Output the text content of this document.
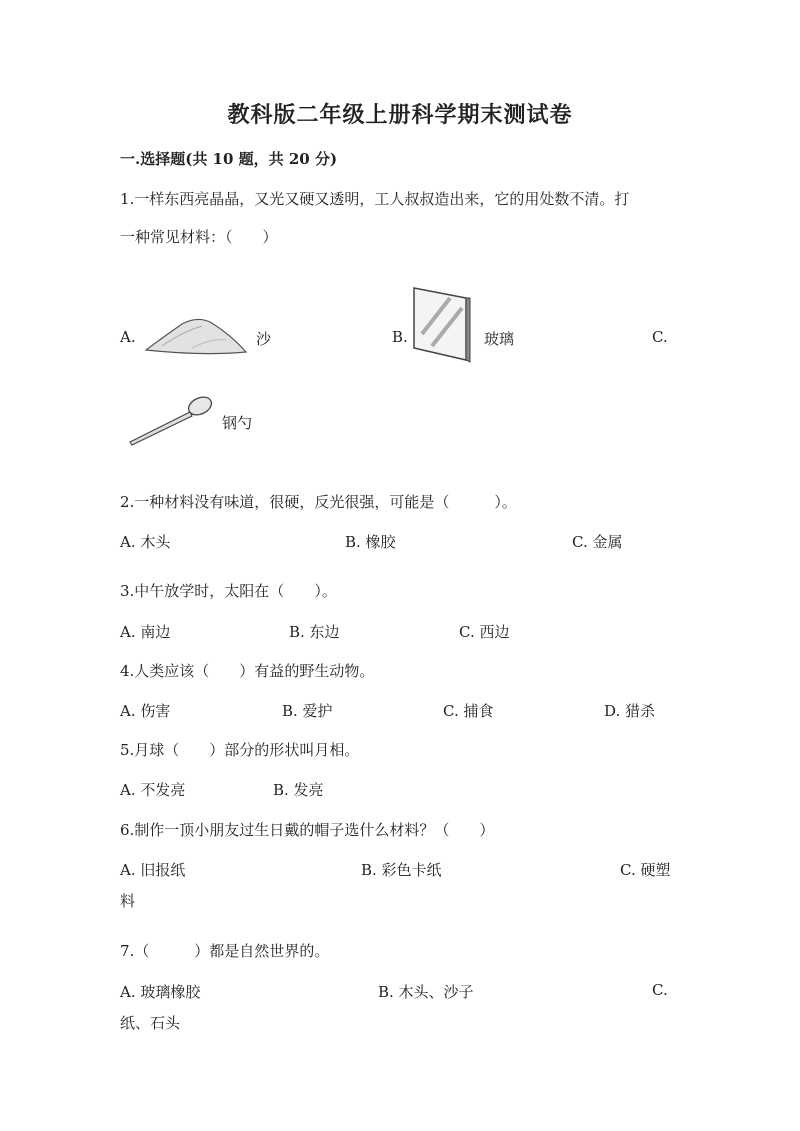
教科版二年级上册科学期末测试卷
一.选择题(共 10 题，共 20 分)
1.一样东西亮晶晶，又光又硬又透明，工人叔叔造出来，它的用处数不清。打
一种常见材料：（　　）
A.	沙	B.	玻璃	C.
钢勺
2.一种材料没有味道，很硬，反光很强，可能是（　　　）。
A. 木头	B. 橡胶	C. 金属
3.中午放学时，太阳在（　　）。
A. 南边	B. 东边	C. 西边
4.人类应该（　　）有益的野生动物。
A. 伤害	B. 爱护	C. 捕食	D. 猎杀
5.月球（　　）部分的形状叫月相。
A. 不发亮	B. 发亮
6.制作一顶小朋友过生日戴的帽子选什么材料？（　　）
A. 旧报纸	B. 彩色卡纸	C. 硬塑
料
7.（　　　）都是自然世界的。
A. 玻璃橡胶	B. 木头、沙子	C.
纸、石头
